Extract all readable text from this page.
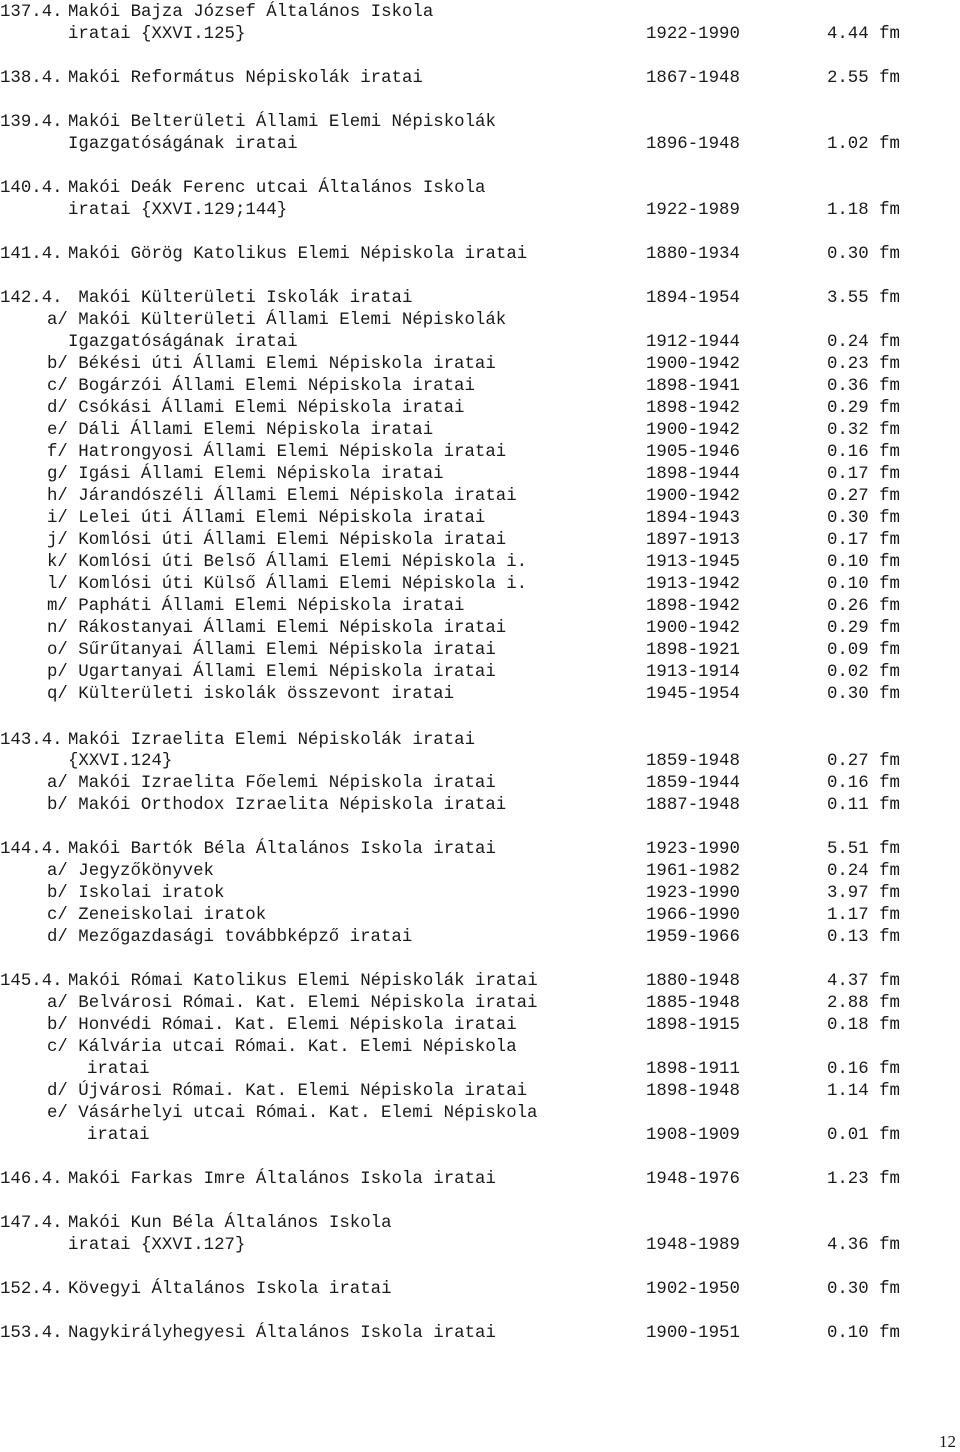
137.4. Makói Bajza József Általános Iskola
iratai {XXVI.125}	1922-1990	4.44 fm
138.4. Makói Református Népiskolák iratai	1867-1948	2.55 fm
139.4. Makói Belterületi Állami Elemi Népiskolák
Igazgatóságának iratai	1896-1948	1.02 fm
140.4. Makói Deák Ferenc utcai Általános Iskola
iratai {XXVI.129;144}	1922-1989	1.18 fm
141.4. Makói Görög Katolikus Elemi Népiskola iratai	1880-1934	0.30 fm
142.4. Makói Külterületi Iskolák iratai	1894-1954	3.55 fm
a/ Makói Külterületi Állami Elemi Népiskolák
Igazgatóságának iratai	1912-1944	0.24 fm
b/ Békési úti Állami Elemi Népiskola iratai	1900-1942	0.23 fm
c/ Bogárzói Állami Elemi Népiskola iratai	1898-1941	0.36 fm
d/ Csókási Állami Elemi Népiskola iratai	1898-1942	0.29 fm
e/ Dáli Állami Elemi Népiskola iratai	1900-1942	0.32 fm
f/ Hatrongyosi Állami Elemi Népiskola iratai	1905-1946	0.16 fm
g/ Igási Állami Elemi Népiskola iratai	1898-1944	0.17 fm
h/ Járandószéli Állami Elemi Népiskola iratai	1900-1942	0.27 fm
i/ Lelei úti Állami Elemi Népiskola iratai	1894-1943	0.30 fm
j/ Komlósi úti Állami Elemi Népiskola iratai	1897-1913	0.17 fm
k/ Komlósi úti Belső Állami Elemi Népiskola i.	1913-1945	0.10 fm
l/ Komlósi úti Külső Állami Elemi Népiskola i.	1913-1942	0.10 fm
m/ Papháti Állami Elemi Népiskola iratai	1898-1942	0.26 fm
n/ Rákostanyai Állami Elemi Népiskola iratai	1900-1942	0.29 fm
o/ Sűrűtanyai Állami Elemi Népiskola iratai	1898-1921	0.09 fm
p/ Ugartanyai Állami Elemi Népiskola iratai	1913-1914	0.02 fm
q/ Külterületi iskolák összevont iratai	1945-1954	0.30 fm
143.4. Makói Izraelita Elemi Népiskolák iratai
{XXVI.124}	1859-1948	0.27 fm
a/ Makói Izraelita Főelemi Népiskola iratai	1859-1944	0.16 fm
b/ Makói Orthodox Izraelita Népiskola iratai	1887-1948	0.11 fm
144.4. Makói Bartók Béla Általános Iskola iratai	1923-1990	5.51 fm
a/ Jegyzőkönyvek	1961-1982	0.24 fm
b/ Iskolai iratok	1923-1990	3.97 fm
c/ Zeneiskolai iratok	1966-1990	1.17 fm
d/ Mezőgazdasági továbbképző iratai	1959-1966	0.13 fm
145.4. Makói Római Katolikus Elemi Népiskolák iratai	1880-1948	4.37 fm
a/ Belvárosi Római. Kat. Elemi Népiskola iratai	1885-1948	2.88 fm
b/ Honvédi Római. Kat. Elemi Népiskola iratai	1898-1915	0.18 fm
c/ Kálvária utcai Római. Kat. Elemi Népiskola
iratai	1898-1911	0.16 fm
d/ Újvárosi Római. Kat. Elemi Népiskola iratai	1898-1948	1.14 fm
e/ Vásárhelyi utcai Római. Kat. Elemi Népiskola
iratai	1908-1909	0.01 fm
146.4. Makói Farkas Imre Általános Iskola iratai	1948-1976	1.23 fm
147.4. Makói Kun Béla Általános Iskola
iratai {XXVI.127}	1948-1989	4.36 fm
152.4. Kövegyi Általános Iskola iratai	1902-1950	0.30 fm
153.4. Nagykirályhegyesi Általános Iskola iratai	1900-1951	0.10 fm
12
